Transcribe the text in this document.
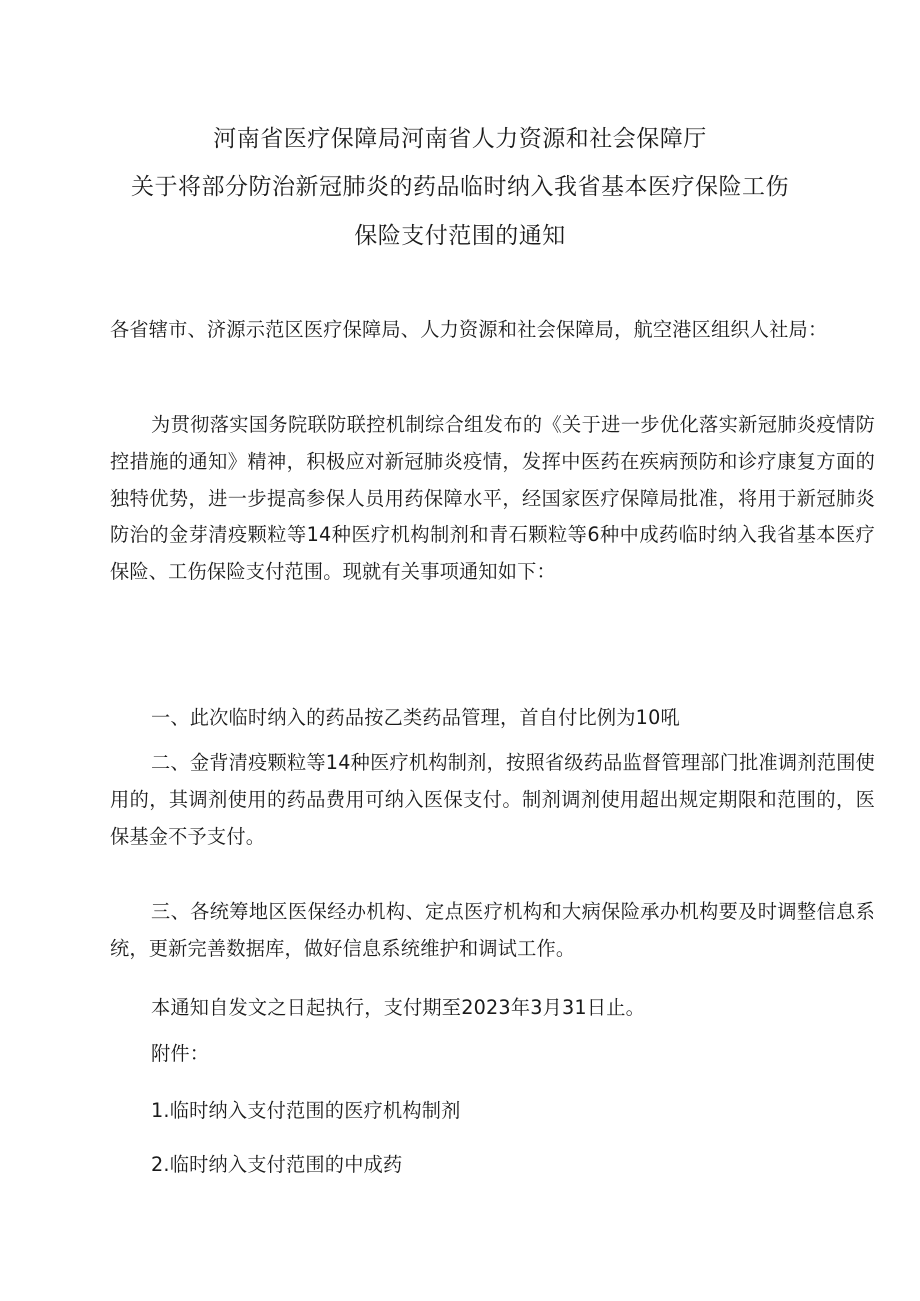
河南省医疗保障局河南省人力资源和社会保障厅
关于将部分防治新冠肺炎的药品临时纳入我省基本医疗保险工伤
保险支付范围的通知
各省辖市、济源示范区医疗保障局、人力资源和社会保障局，航空港区组织人社局：
为贯彻落实国务院联防联控机制综合组发布的《关于进一步优化落实新冠肺炎疫情防控措施的通知》精神，积极应对新冠肺炎疫情，发挥中医药在疾病预防和诊疗康复方面的独特优势，进一步提高参保人员用药保障水平，经国家医疗保障局批准，将用于新冠肺炎防治的金芽清疫颗粒等14种医疗机构制剂和青石颗粒等6种中成药临时纳入我省基本医疗保险、工伤保险支付范围。现就有关事项通知如下：
一、此次临时纳入的药品按乙类药品管理，首自付比例为10吼
二、金背清疫颗粒等14种医疗机构制剂，按照省级药品监督管理部门批准调剂范围使用的，其调剂使用的药品费用可纳入医保支付。制剂调剂使用超出规定期限和范围的，医保基金不予支付。
三、各统筹地区医保经办机构、定点医疗机构和大病保险承办机构要及时调整信息系统，更新完善数据库，做好信息系统维护和调试工作。
本通知自发文之日起执行，支付期至2023年3月31日止。
附件：
1.临时纳入支付范围的医疗机构制剂
2.临时纳入支付范围的中成药
